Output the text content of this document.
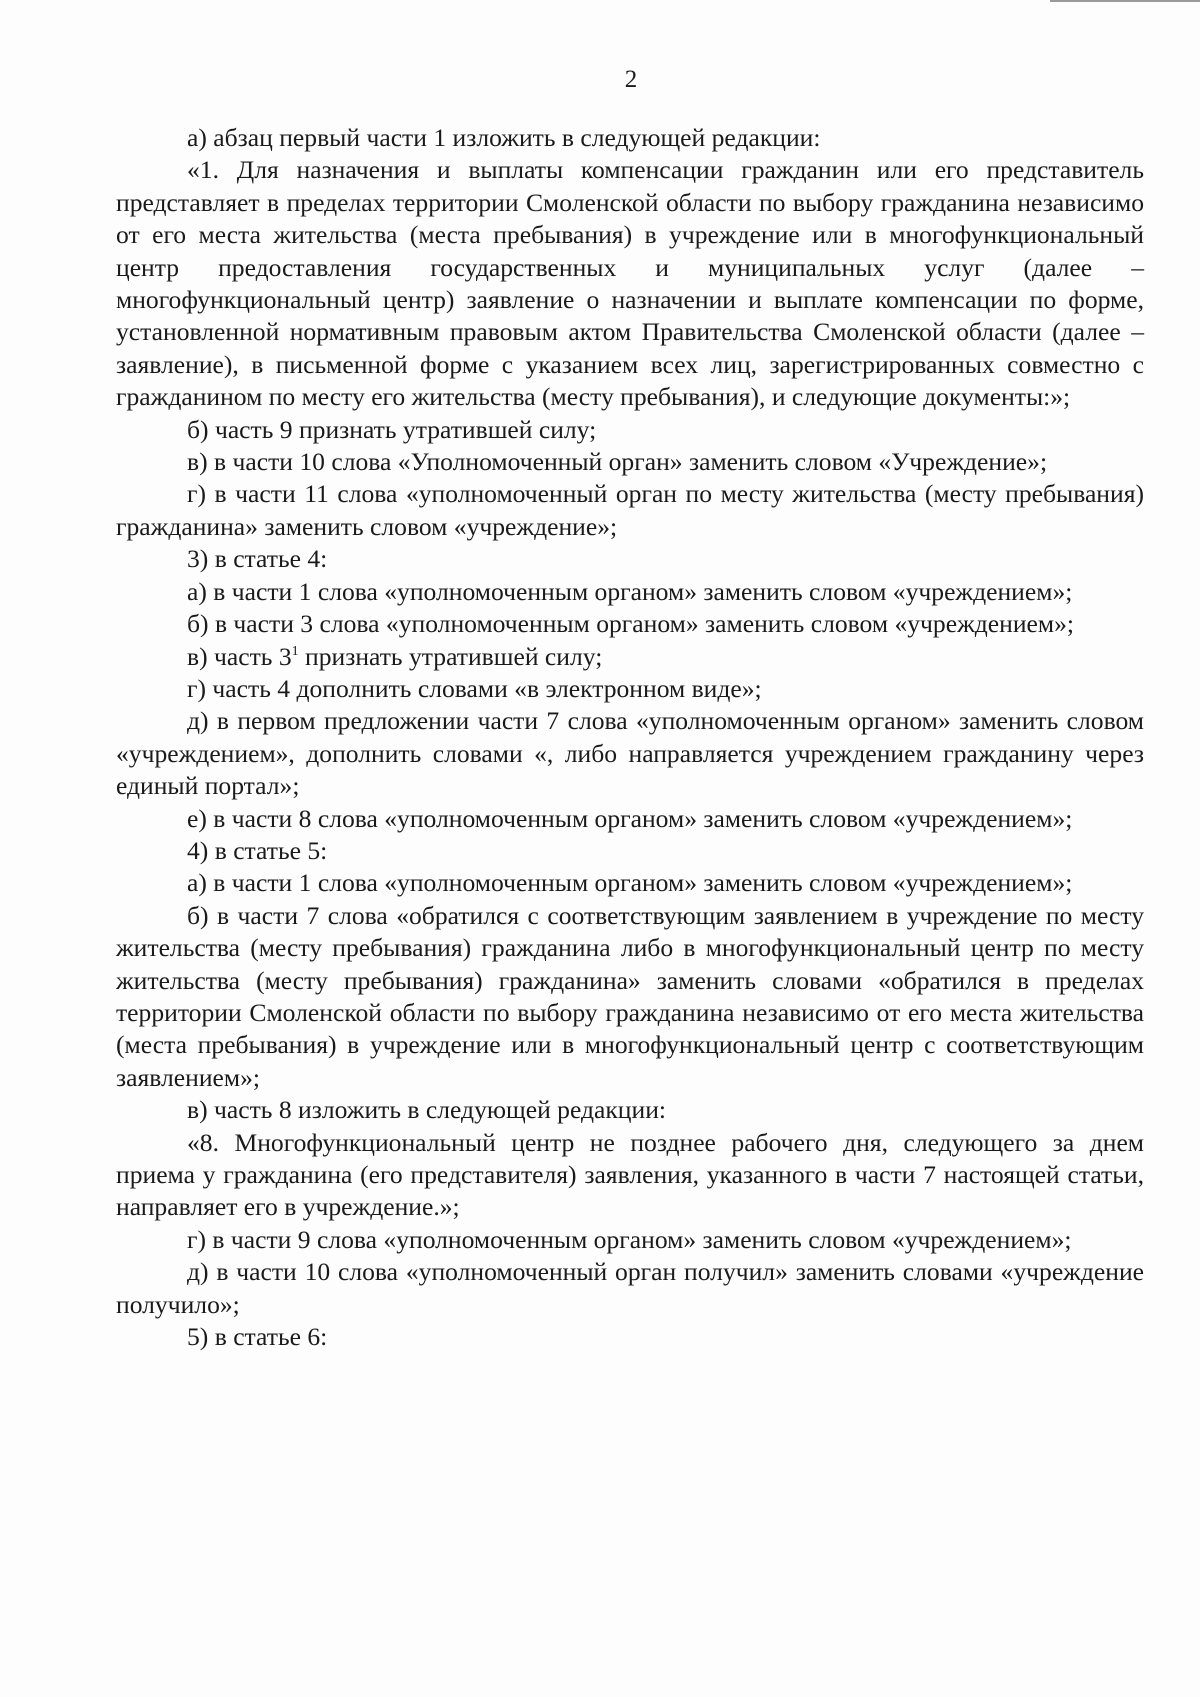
2

а) абзац первый части 1 изложить в следующей редакции:

«1. Для назначения и выплаты компенсации гражданин или его представитель представляет в пределах территории Смоленской области по выбору гражданина независимо от его места жительства (места пребывания) в учреждение или в многофункциональный центр предоставления государственных и муниципальных услуг (далее – многофункциональный центр) заявление о назначении и выплате компенсации по форме, установленной нормативным правовым актом Правительства Смоленской области (далее – заявление), в письменной форме с указанием всех лиц, зарегистрированных совместно с гражданином по месту его жительства (месту пребывания), и следующие документы:»;

б) часть 9 признать утратившей силу;

в) в части 10 слова «Уполномоченный орган» заменить словом «Учреждение»;

г) в части 11 слова «уполномоченный орган по месту жительства (месту пребывания) гражданина» заменить словом «учреждение»;

3) в статье 4:

а) в части 1 слова «уполномоченным органом» заменить словом «учреждением»;

б) в части 3 слова «уполномоченным органом» заменить словом «учреждением»;

в) часть $3^1$ признать утратившей силу;

г) часть 4 дополнить словами «в электронном виде»;

д) в первом предложении части 7 слова «уполномоченным органом» заменить словом «учреждением», дополнить словами «, либо направляется учреждением гражданину через единый портал»;

е) в части 8 слова «уполномоченным органом» заменить словом «учреждением»;

4) в статье 5:

а) в части 1 слова «уполномоченным органом» заменить словом «учреждением»;

б) в части 7 слова «обратился с соответствующим заявлением в учреждение по месту жительства (месту пребывания) гражданина либо в многофункциональный центр по месту жительства (месту пребывания) гражданина» заменить словами «обратился в пределах территории Смоленской области по выбору гражданина независимо от его места жительства (места пребывания) в учреждение или в многофункциональный центр с соответствующим заявлением»;

в) часть 8 изложить в следующей редакции:

«8. Многофункциональный центр не позднее рабочего дня, следующего за днем приема у гражданина (его представителя) заявления, указанного в части 7 настоящей статьи, направляет его в учреждение.»;

г) в части 9 слова «уполномоченным органом» заменить словом «учреждением»;

д) в части 10 слова «уполномоченный орган получил» заменить словами «учреждение получило»;

5) в статье 6:
